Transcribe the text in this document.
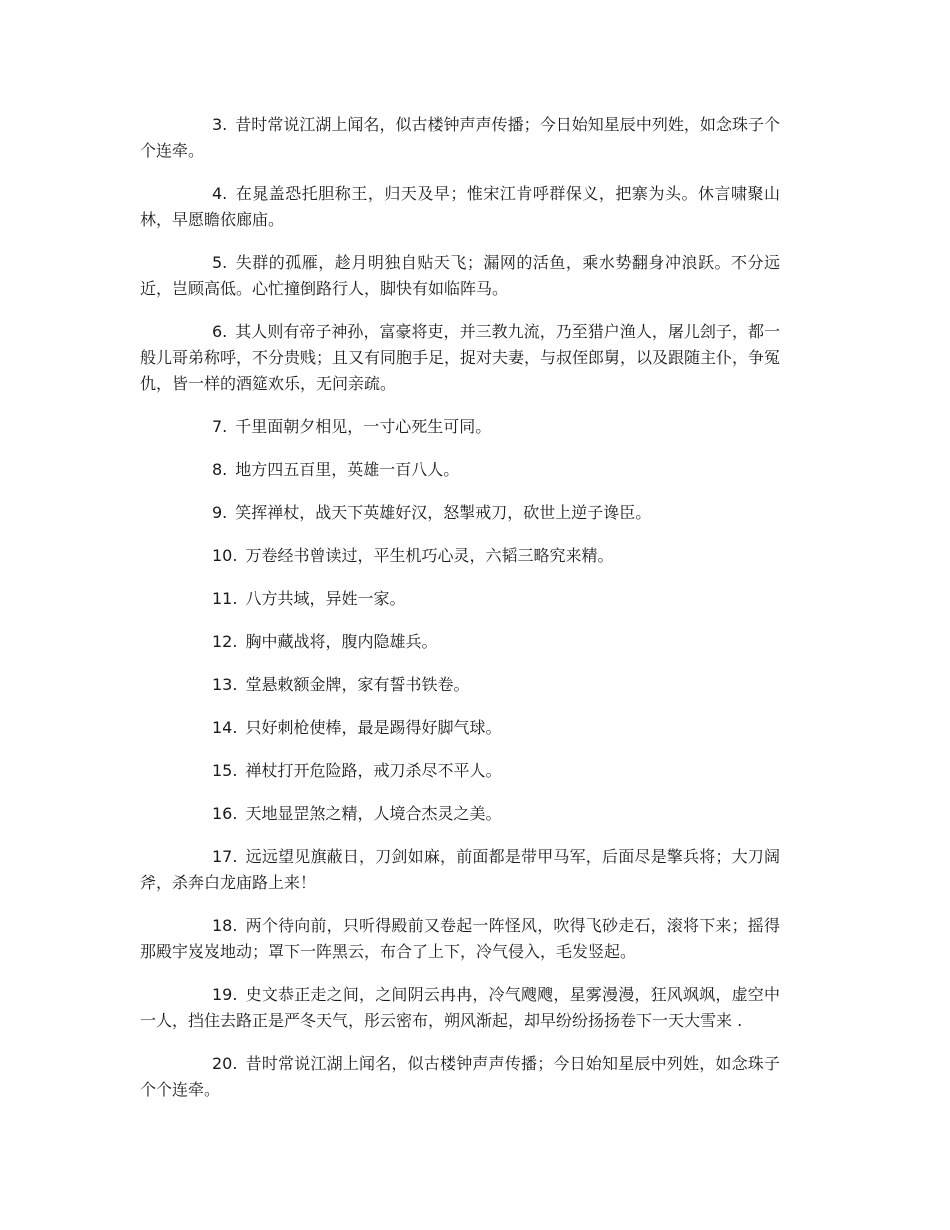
3. 昔时常说江湖上闻名，似古楼钟声声传播；今日始知星辰中列姓，如念珠子个个连牵。

4. 在晁盖恐托胆称王，归天及早；惟宋江肯呼群保义，把寨为头。休言啸聚山林，早愿瞻依廊庙。

5. 失群的孤雁，趁月明独自贴天飞；漏网的活鱼，乘水势翻身冲浪跃。不分远近，岂顾高低。心忙撞倒路行人，脚快有如临阵马。

6. 其人则有帝子神孙，富豪将吏，并三教九流，乃至猎户渔人，屠儿刽子，都一般儿哥弟称呼，不分贵贱；且又有同胞手足，捉对夫妻，与叔侄郎舅，以及跟随主仆，争冤仇，皆一样的酒筵欢乐，无问亲疏。

7. 千里面朝夕相见，一寸心死生可同。

8. 地方四五百里，英雄一百八人。

9. 笑挥禅杖，战天下英雄好汉，怒掣戒刀，砍世上逆子谗臣。

10. 万卷经书曾读过，平生机巧心灵，六韬三略究来精。

11. 八方共域，异姓一家。

12. 胸中藏战将，腹内隐雄兵。

13. 堂悬敕额金牌，家有誓书铁卷。

14. 只好刺枪使棒，最是踢得好脚气球。

15. 禅杖打开危险路，戒刀杀尽不平人。

16. 天地显罡煞之精，人境合杰灵之美。

17. 远远望见旗蔽日，刀剑如麻，前面都是带甲马军，后面尽是擎兵将；大刀阔斧，杀奔白龙庙路上来！

18. 两个待向前，只听得殿前又卷起一阵怪风，吹得飞砂走石，滚将下来；摇得那殿宇岌岌地动；罩下一阵黑云，布合了上下，冷气侵入，毛发竖起。

19. 史文恭正走之间，之间阴云冉冉，冷气飕飕，星雾漫漫，狂风飒飒，虚空中一人，挡住去路正是严冬天气，彤云密布，朔风渐起，却早纷纷扬扬卷下一天大雪来 .

20. 昔时常说江湖上闻名，似古楼钟声声传播；今日始知星辰中列姓，如念珠子个个连牵。
